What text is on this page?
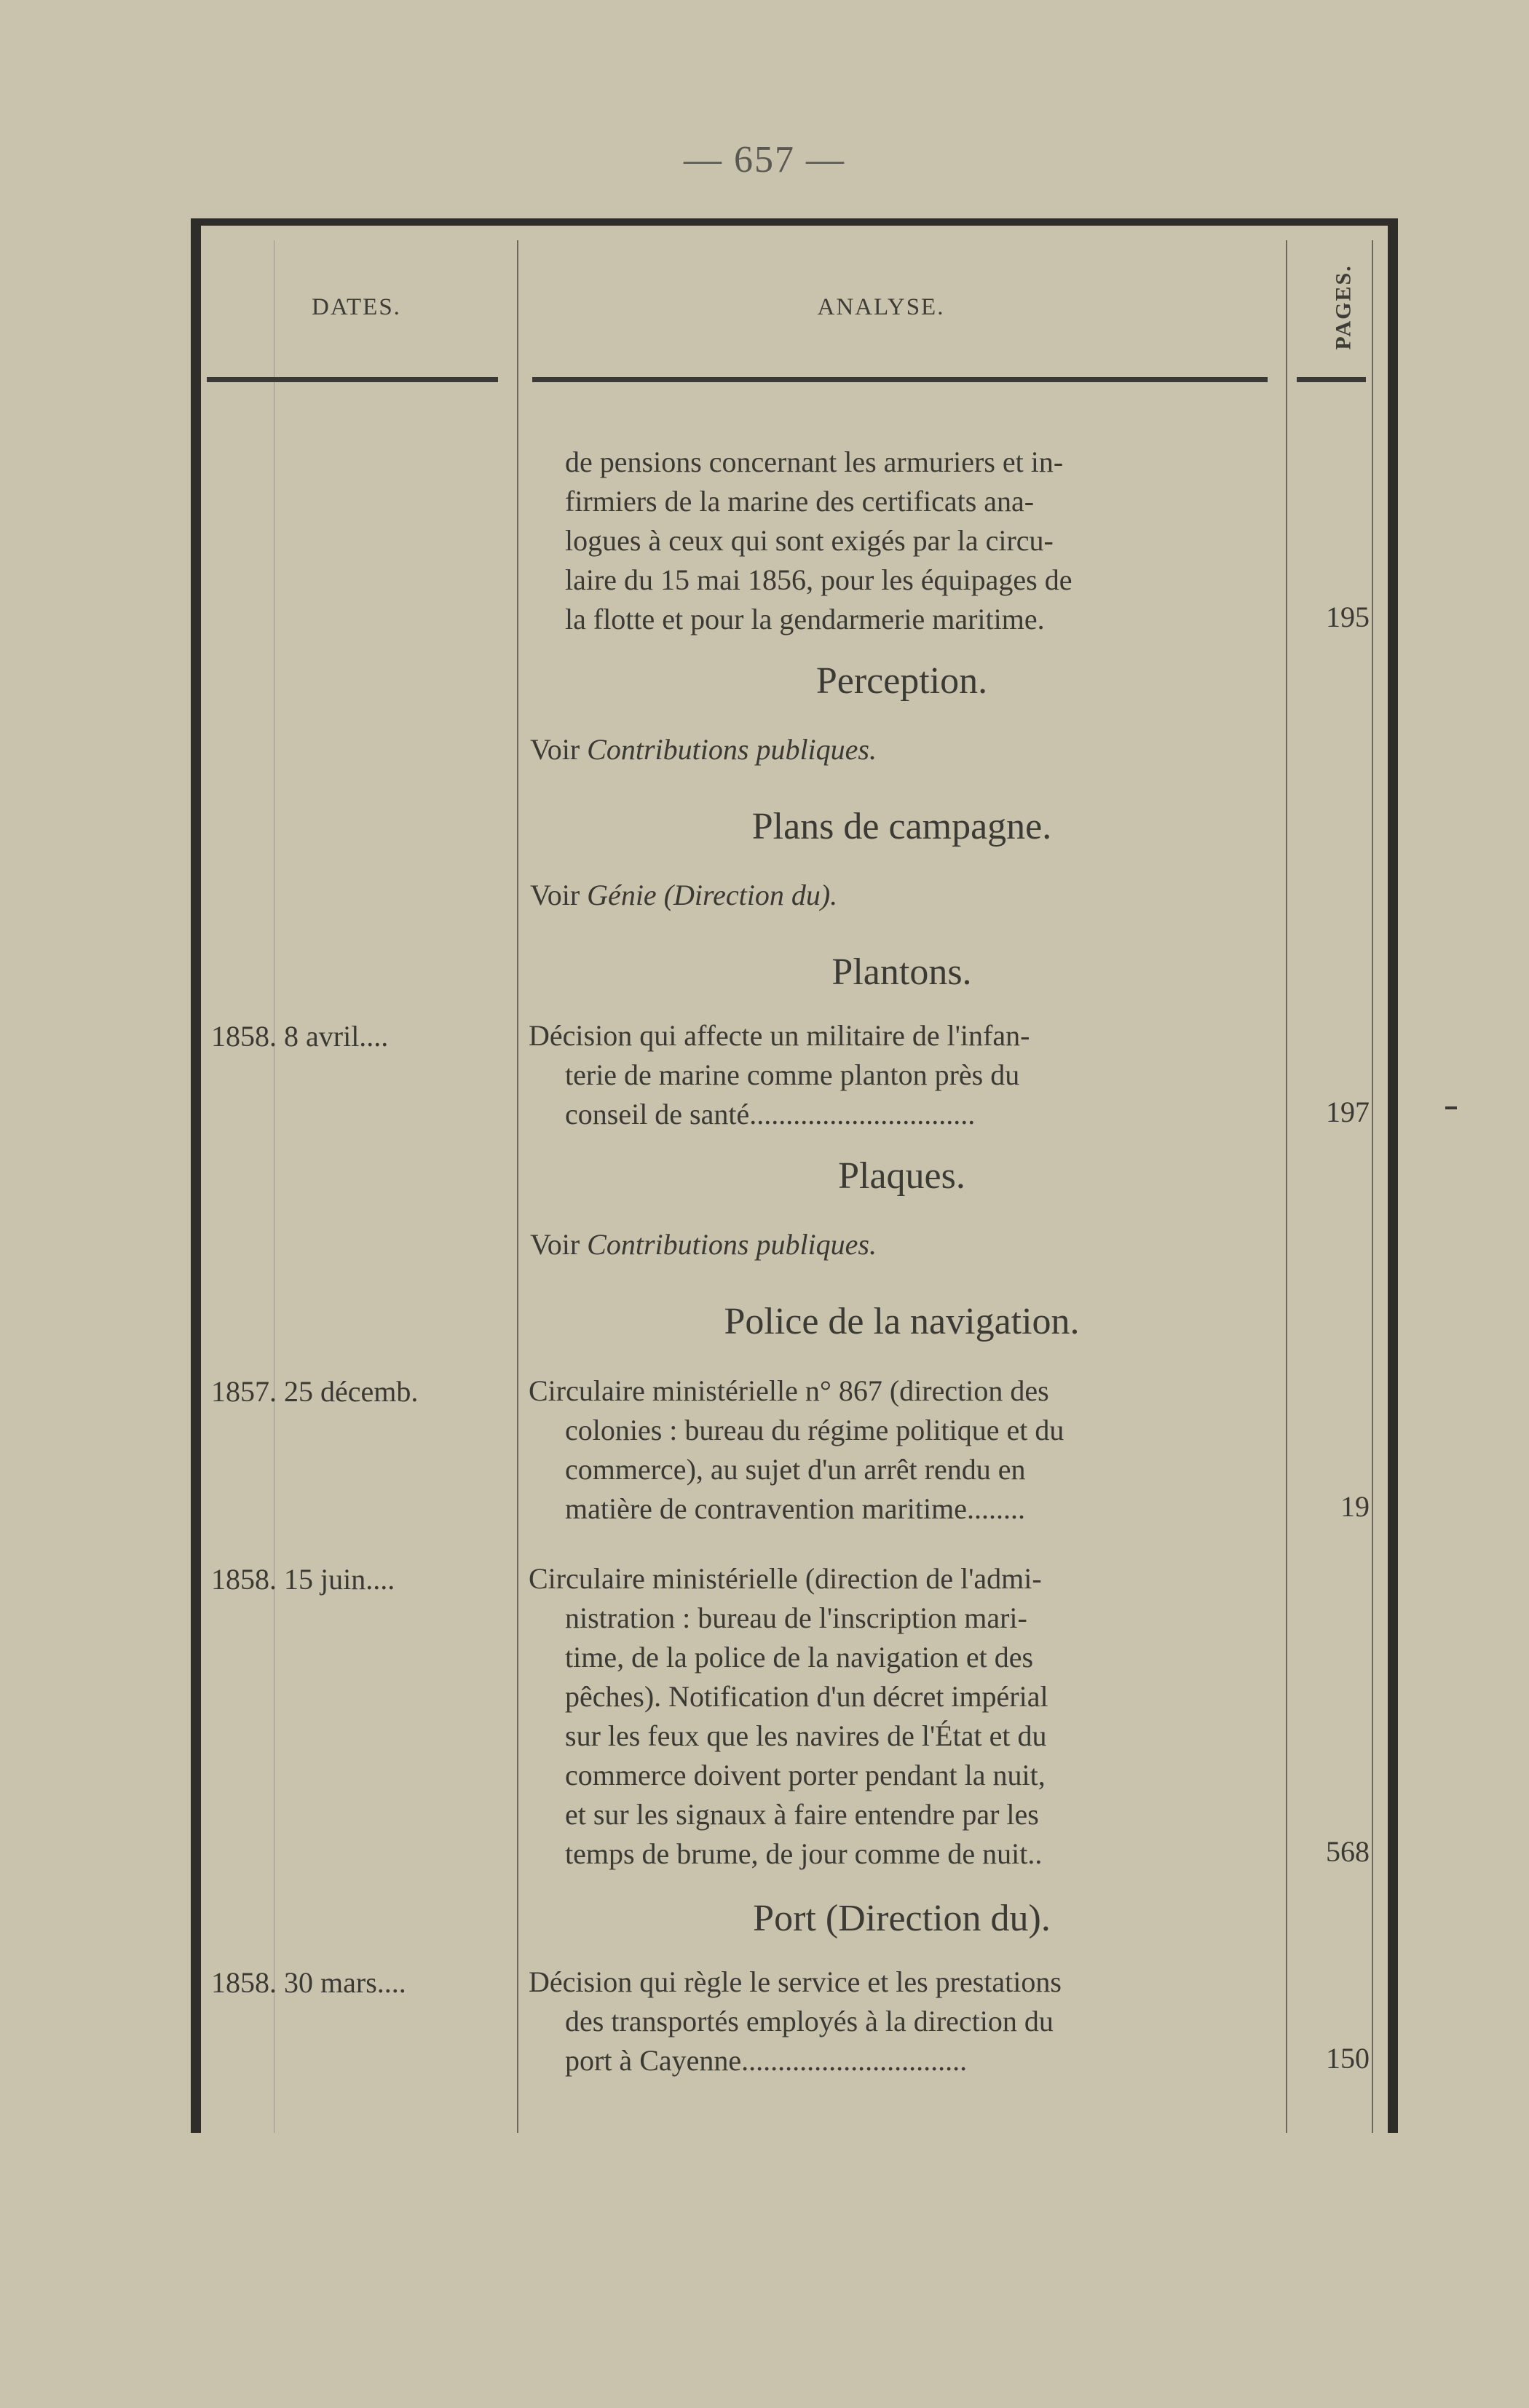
— 657 —
DATES.	ANALYSE.	PAGES.
de pensions concernant les armuriers et in-
firmiers de la marine des certificats ana-
logues à ceux qui sont exigés par la circu-
laire du 15 mai 1856, pour les équipages de
la flotte et pour la gendarmerie maritime.	195
Perception.
Voir Contributions publiques.
Plans de campagne.
Voir Génie (Direction du).
Plantons.
1858. 8 avril....	Décision qui affecte un militaire de l'infan-
terie de marine comme planton près du
conseil de santé...............................	197
Plaques.
Voir Contributions publiques.
Police de la navigation.
1857. 25 décemb.	Circulaire ministérielle n° 867 (direction des
colonies : bureau du régime politique et du
commerce), au sujet d'un arrêt rendu en
matière de contravention maritime........	19
1858. 15 juin....	Circulaire ministérielle (direction de l'admi-
nistration : bureau de l'inscription mari-
time, de la police de la navigation et des
pêches). Notification d'un décret impérial
sur les feux que les navires de l'État et du
commerce doivent porter pendant la nuit,
et sur les signaux à faire entendre par les
temps de brume, de jour comme de nuit..	568
Port (Direction du).
1858. 30 mars....	Décision qui règle le service et les prestations
des transportés employés à la direction du
port à Cayenne...............................	150
